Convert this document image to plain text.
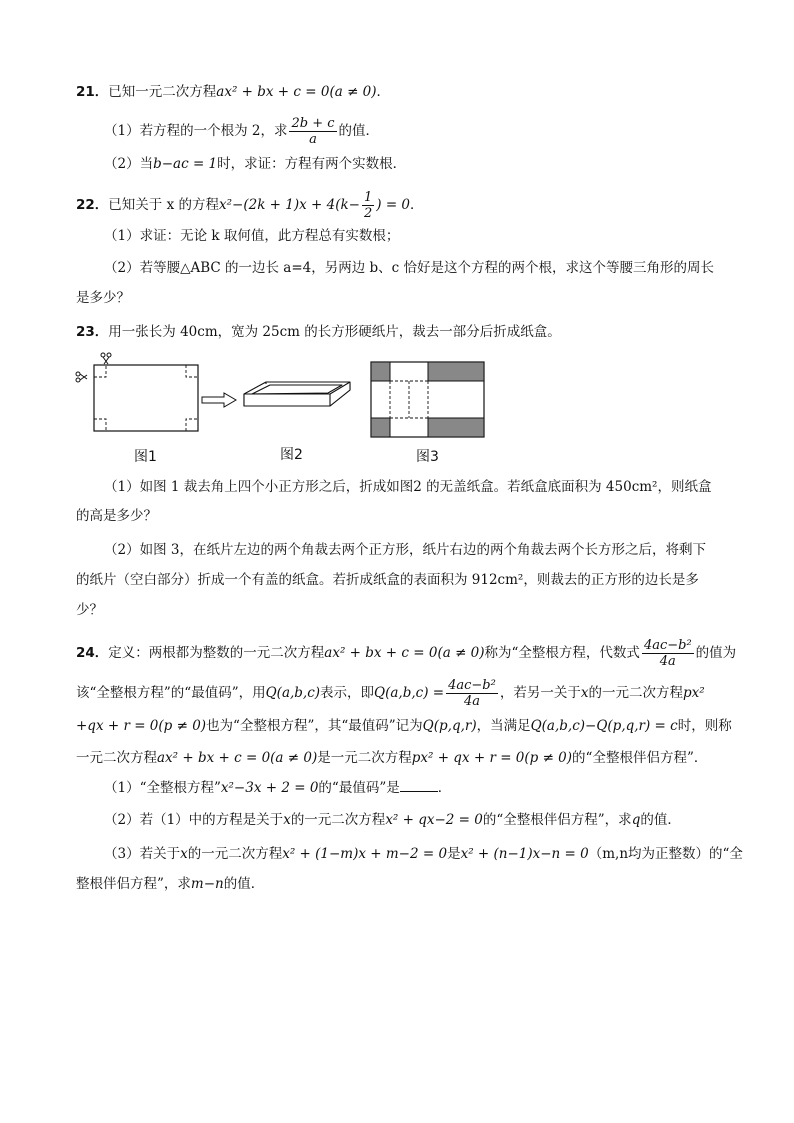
21．已知一元二次方程ax² + bx + c = 0(a ≠ 0)．
（1）若方程的一个根为 2，求 $\frac{2b + c}{a}$ 的值．
（2）当b−ac = 1时，求证：方程有两个实数根．
22．已知关于 x 的方程$x^2-(2k + 1)x + 4(k- \frac{1}{2}$ ) = 0．
（1）求证：无论 k 取何值，此方程总有实数根；
（2）若等腰△ABC 的一边长 a=4，另两边 b、c 恰好是这个方程的两个根，求这个等腰三角形的周长
是多少？
23．用一张长为 40cm，宽为 25cm 的长方形硬纸片，裁去一部分后折成纸盒。
图1	图2	图3
（1）如图 1 裁去角上四个小正方形之后，折成如图2 的无盖纸盒。若纸盒底面积为 450cm²，则纸盒
的高是多少？
（2）如图 3，在纸片左边的两个角裁去两个正方形，纸片右边的两个角裁去两个长方形之后，将剩下
的纸片（空白部分）折成一个有盖的纸盒。若折成纸盒的表面积为 912cm²，则裁去的正方形的边长是多
少？
24．定义：两根都为整数的一元二次方程ax² + bx + c = 0(a ≠ 0)称为“全整根方程，代数式 $\frac{\text{4ac−b²}}{4a}$ 的值为
该“全整根方程”的“最值码”，用Q(a,b,c)表示，即$Q(a,b,c) = \frac{\text{4ac−b²}}{4a}$ ，若另一关于x的一元二次方程px²
+qx + r = 0(p ≠ 0)也为“全整根方程”，其“最值码”记为Q(p,q,r)，当满足Q(a,b,c)−Q(p,q,r) = c时，则称
一元二次方程ax² + bx + c = 0(a ≠ 0)是一元二次方程px² + qx + r = 0(p ≠ 0)的“全整根伴侣方程”．
（1）“全整根方程”x²−3x + 2 = 0的“最值码”是	．
（2）若（1）中的方程是关于x的一元二次方程x² + qx−2 = 0的“全整根伴侣方程”，求q的值．
（3）若关于x的一元二次方程x² + (1−m)x + m−2 = 0是x² + (n−1)x−n = 0（m,n均为正整数）的“全
整根伴侣方程”，求m−n的值．
